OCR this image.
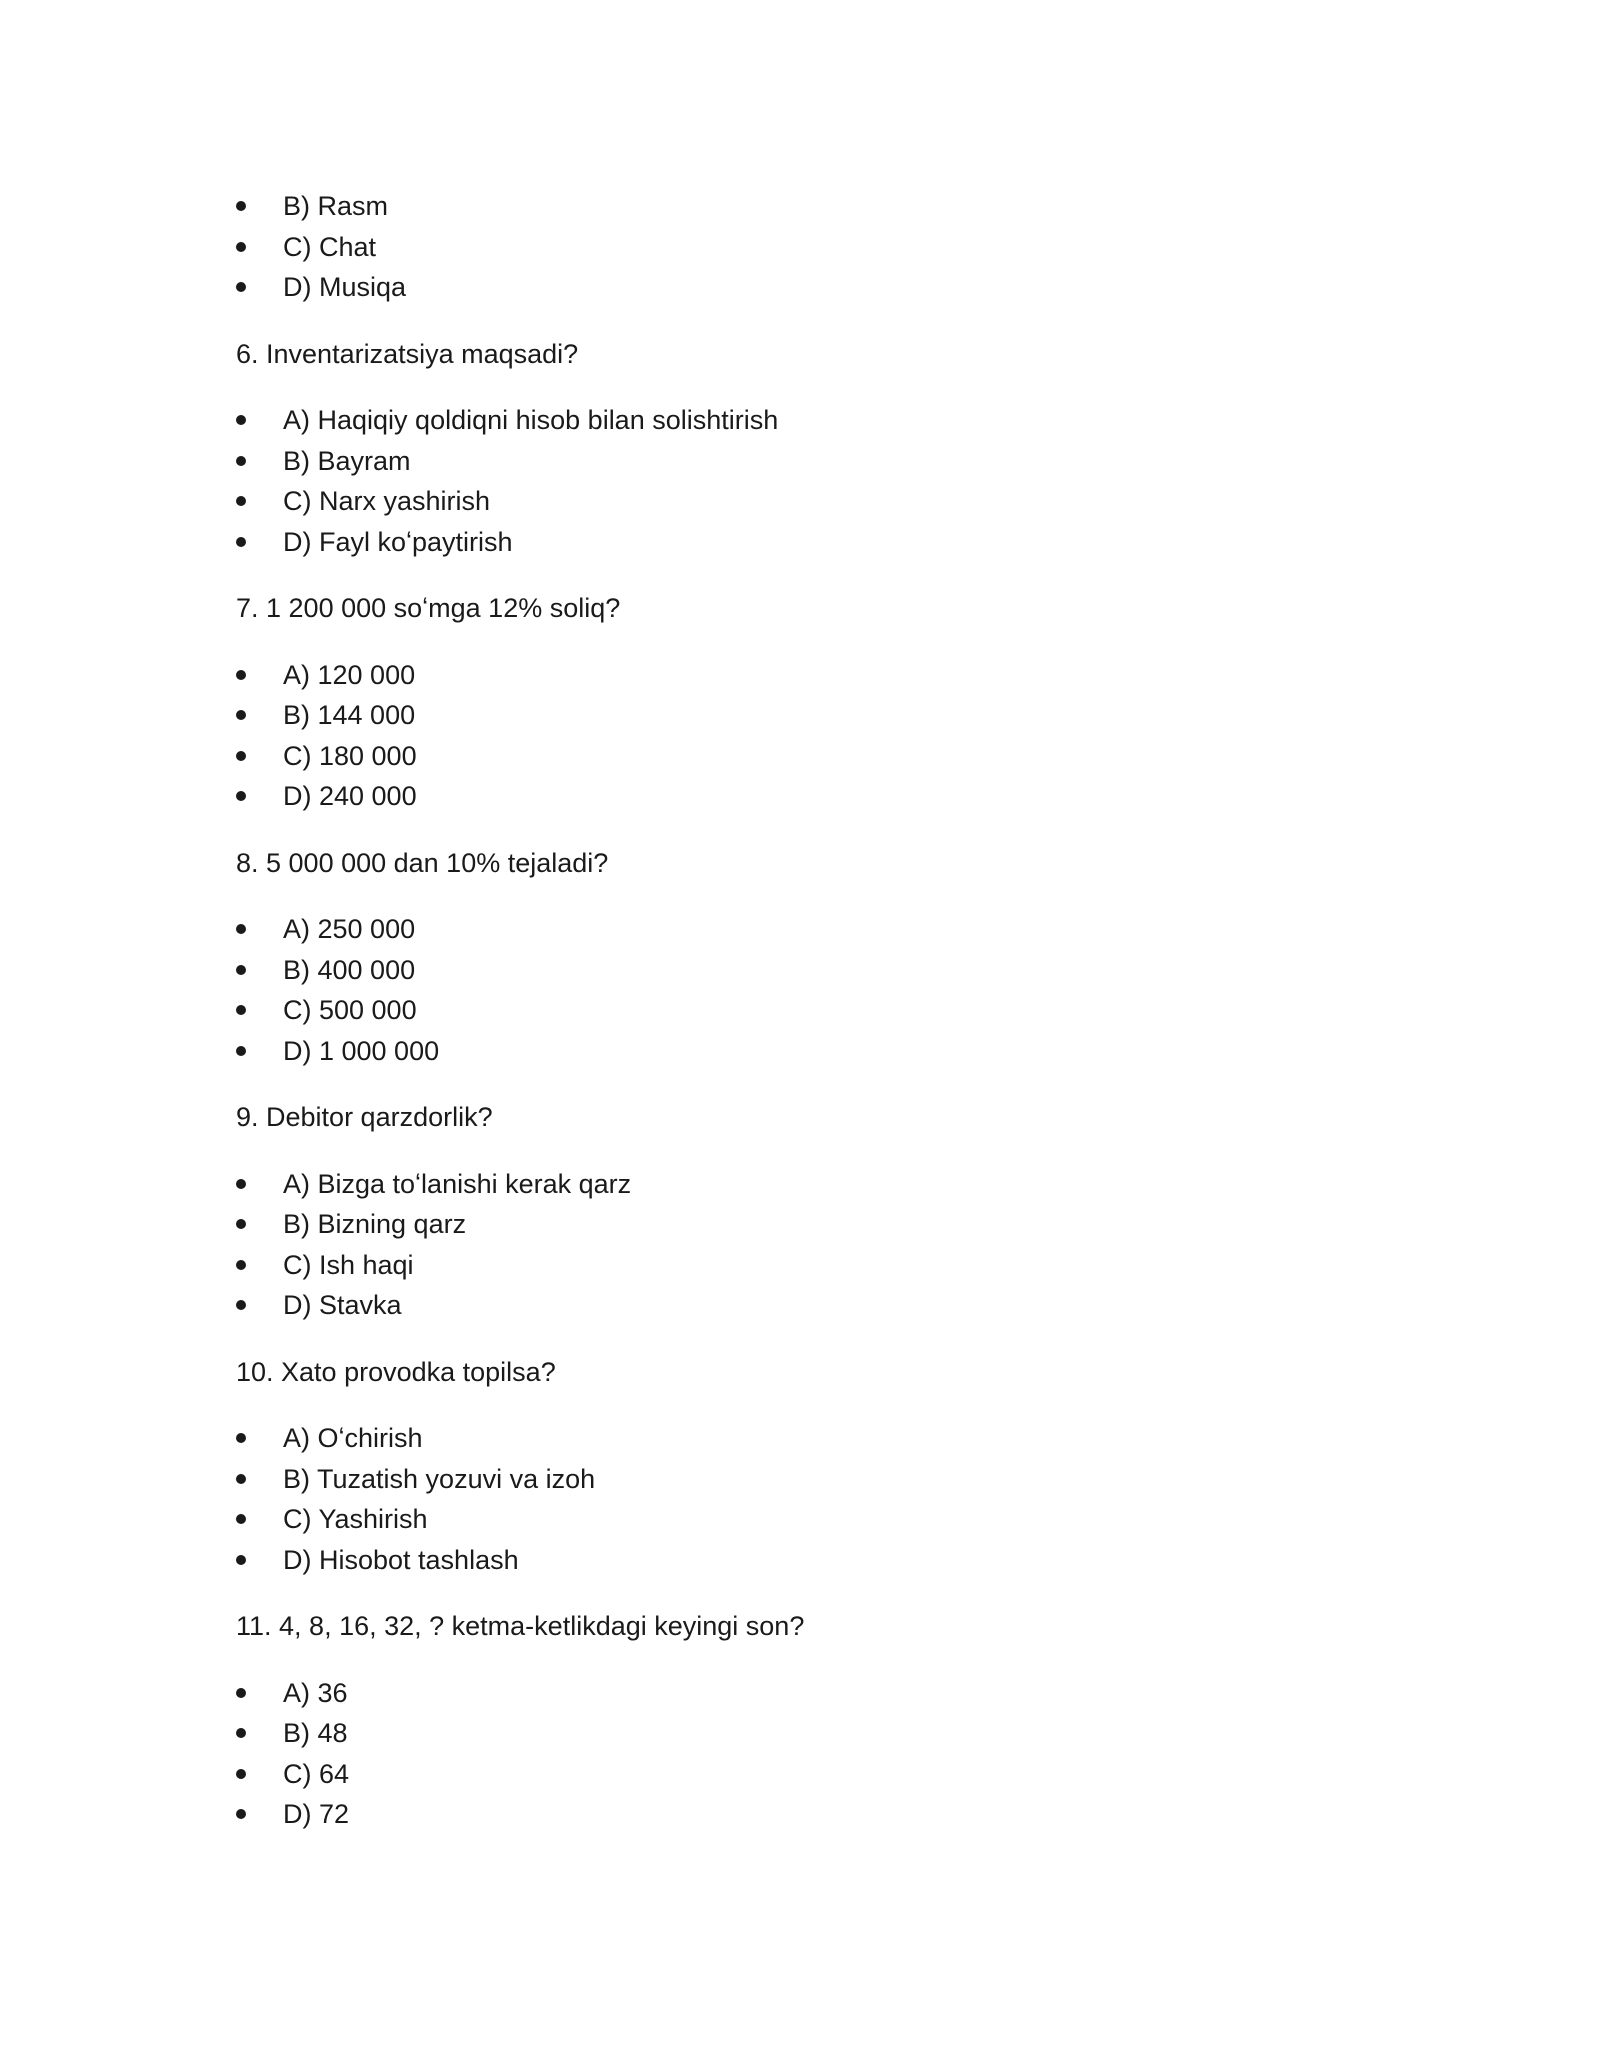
B) Rasm
C) Chat
D) Musiqa
6. Inventarizatsiya maqsadi?
A) Haqiqiy qoldiqni hisob bilan solishtirish
B) Bayram
C) Narx yashirish
D) Fayl koʻpaytirish
7. 1 200 000 soʻmga 12% soliq?
A) 120 000
B) 144 000
C) 180 000
D) 240 000
8. 5 000 000 dan 10% tejaladi?
A) 250 000
B) 400 000
C) 500 000
D) 1 000 000
9. Debitor qarzdorlik?
A) Bizga toʻlanishi kerak qarz
B) Bizning qarz
C) Ish haqi
D) Stavka
10. Xato provodka topilsa?
A) Oʻchirish
B) Tuzatish yozuvi va izoh
C) Yashirish
D) Hisobot tashlash
11. 4, 8, 16, 32, ? ketma-ketlikdagi keyingi son?
A) 36
B) 48
C) 64
D) 72
